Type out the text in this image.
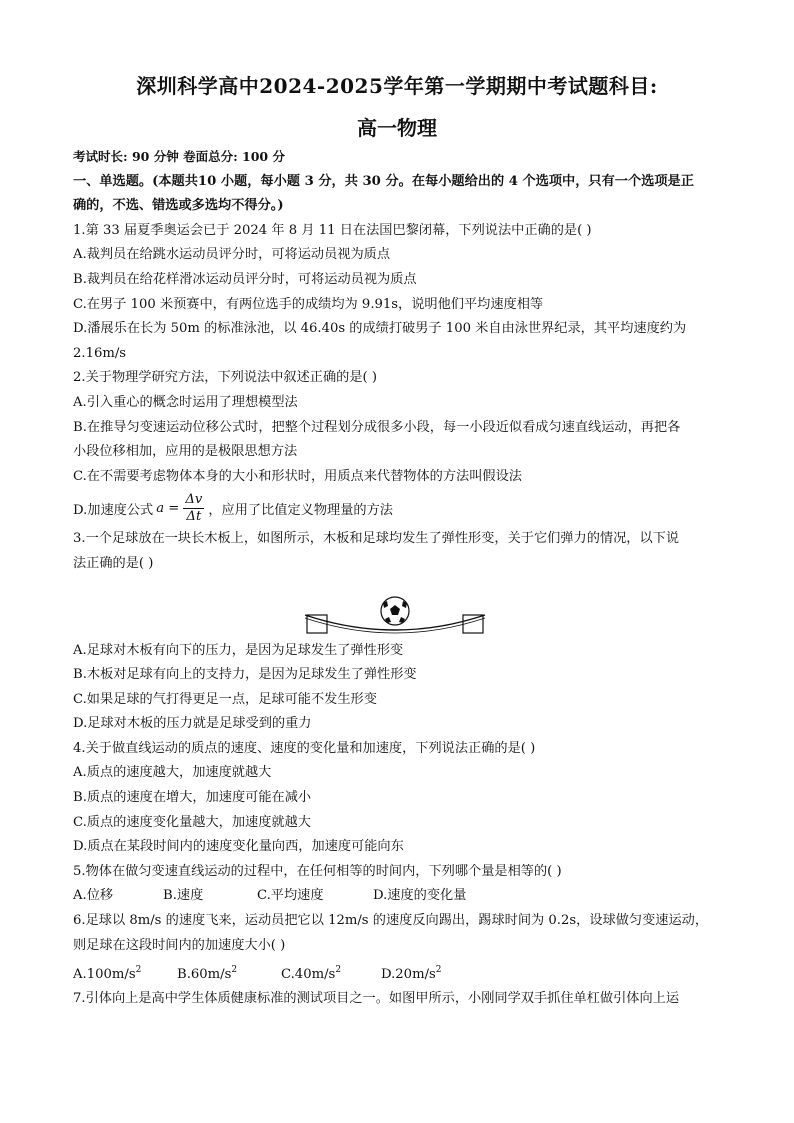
深圳科学高中2024-2025学年第一学期期中考试题科目:
高一物理
考试时长: 90 分钟 卷面总分: 100 分
一、单选题。(本题共10 小题，每小题 3 分，共 30 分。在每小题给出的 4 个选项中，只有一个选项是正
确的，不选、错选或多选均不得分。)
1.第 33 届夏季奥运会已于 2024 年 8 月 11 日在法国巴黎闭幕，下列说法中正确的是( )
A.裁判员在给跳水运动员评分时，可将运动员视为质点
B.裁判员在给花样滑冰运动员评分时，可将运动员视为质点
C.在男子 100 米预赛中，有两位选手的成绩均为 9.91s，说明他们平均速度相等
D.潘展乐在长为 50m 的标准泳池，以 46.40s 的成绩打破男子 100 米自由泳世界纪录，其平均速度约为
2.16m/s
2.关于物理学研究方法，下列说法中叙述正确的是( )
A.引入重心的概念时运用了理想模型法
B.在推导匀变速运动位移公式时，把整个过程划分成很多小段，每一小段近似看成匀速直线运动，再把各
小段位移相加，应用的是极限思想方法
C.在不需要考虑物体本身的大小和形状时，用质点来代替物体的方法叫假设法
D.加速度公式 $a = \frac{\Delta v}{\Delta t}$ ，应用了比值定义物理量的方法
3.一个足球放在一块长木板上，如图所示，木板和足球均发生了弹性形变，关于它们弹力的情况，以下说
法正确的是( )
A.足球对木板有向下的压力，是因为足球发生了弹性形变
B.木板对足球有向上的支持力，是因为足球发生了弹性形变
C.如果足球的气打得更足一点，足球可能不发生形变
D.足球对木板的压力就是足球受到的重力
4.关于做直线运动的质点的速度、速度的变化量和加速度，下列说法正确的是( )
A.质点的速度越大，加速度就越大
B.质点的速度在增大，加速度可能在减小
C.质点的速度变化量越大，加速度就越大
D.质点在某段时间内的速度变化量向西，加速度可能向东
5.物体在做匀变速直线运动的过程中，在任何相等的时间内，下列哪个量是相等的( )
A.位移	B.速度	C.平均速度	D.速度的变化量
6.足球以 8m/s 的速度飞来，运动员把它以 12m/s 的速度反向踢出，踢球时间为 0.2s，设球做匀变速运动，
则足球在这段时间内的加速度大小( )
$A.100m/s^2$	$B.60m/s^2$	$C.40m/s^2$	$D.20m/s^2$
7.引体向上是高中学生体质健康标准的测试项目之一。如图甲所示，小刚同学双手抓住单杠做引体向上运
